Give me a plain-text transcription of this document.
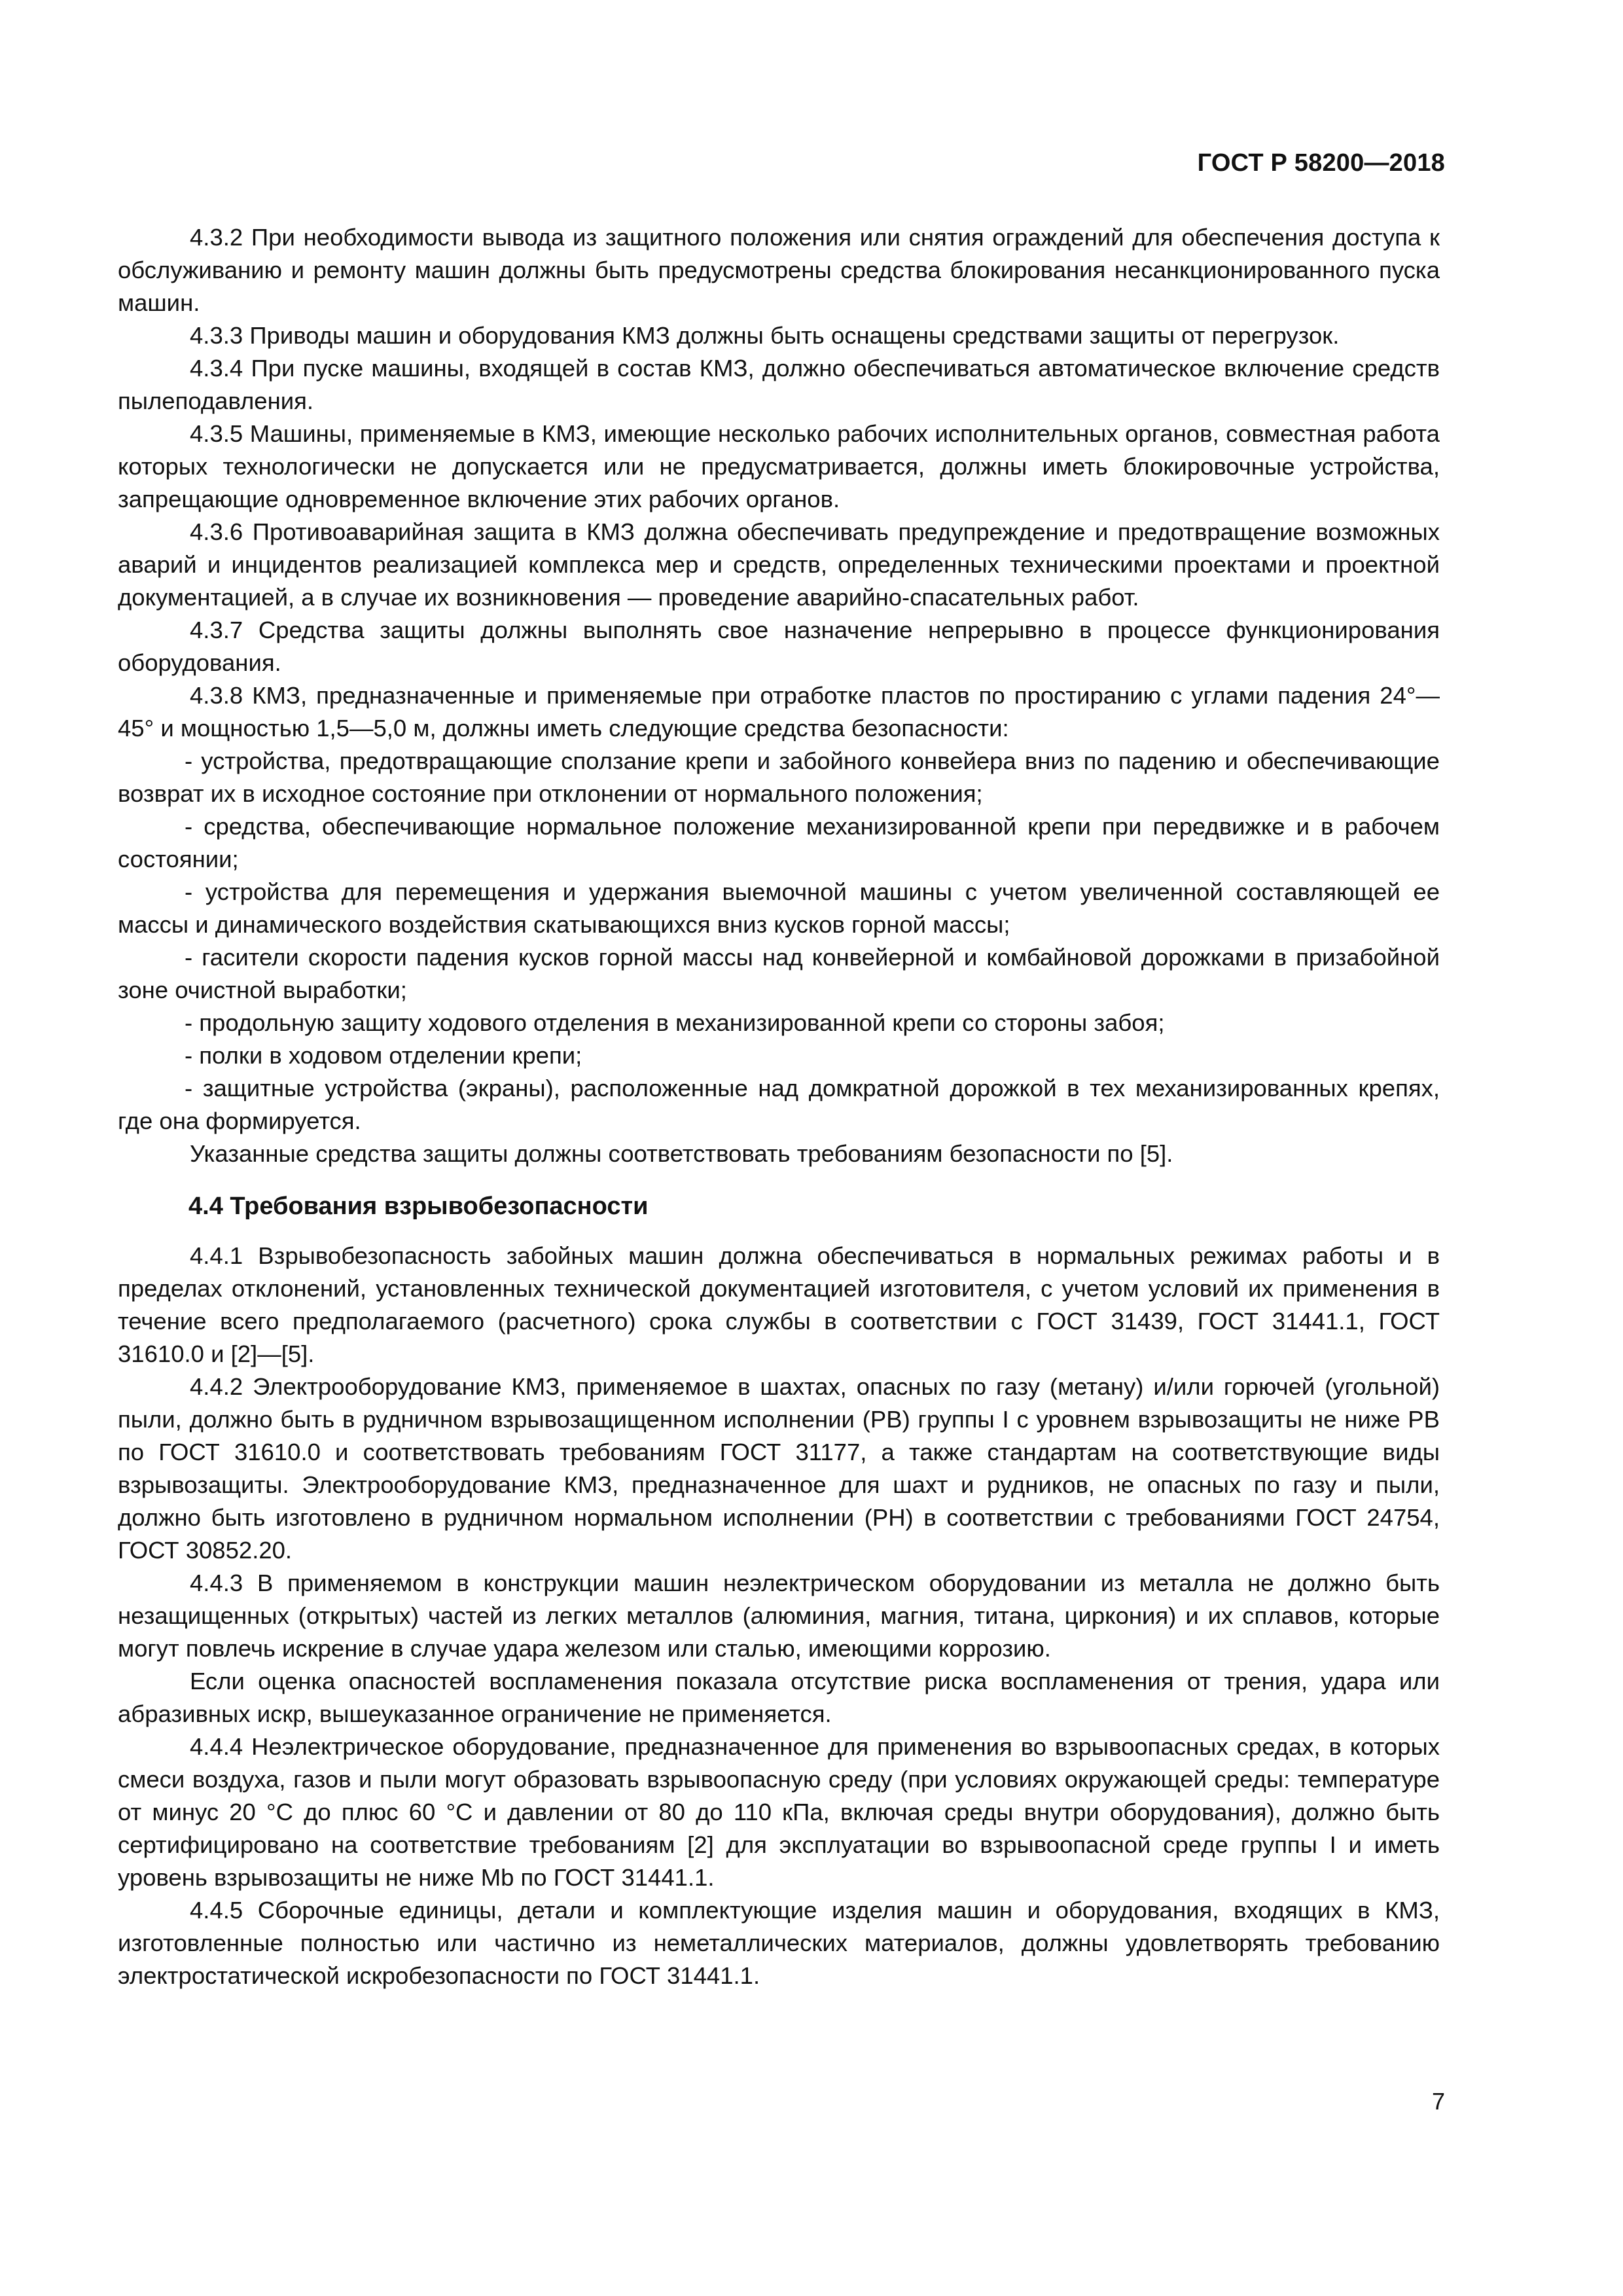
ГОСТ Р 58200—2018

4.3.2 При необходимости вывода из защитного положения или снятия ограждений для обеспечения доступа к обслуживанию и ремонту машин должны быть предусмотрены средства блокирования несанкционированного пуска машин.

4.3.3 Приводы машин и оборудования КМЗ должны быть оснащены средствами защиты от перегрузок.

4.3.4 При пуске машины, входящей в состав КМЗ, должно обеспечиваться автоматическое включение средств пылеподавления.

4.3.5 Машины, применяемые в КМЗ, имеющие несколько рабочих исполнительных органов, совместная работа которых технологически не допускается или не предусматривается, должны иметь блокировочные устройства, запрещающие одновременное включение этих рабочих органов.

4.3.6 Противоаварийная защита в КМЗ должна обеспечивать предупреждение и предотвращение возможных аварий и инцидентов реализацией комплекса мер и средств, определенных техническими проектами и проектной документацией, а в случае их возникновения — проведение аварийно-спасательных работ.

4.3.7 Средства защиты должны выполнять свое назначение непрерывно в процессе функционирования оборудования.

4.3.8 КМЗ, предназначенные и применяемые при отработке пластов по простиранию с углами падения 24°—45° и мощностью 1,5—5,0 м, должны иметь следующие средства безопасности:

- устройства, предотвращающие сползание крепи и забойного конвейера вниз по падению и обеспечивающие возврат их в исходное состояние при отклонении от нормального положения;

- средства, обеспечивающие нормальное положение механизированной крепи при передвижке и в рабочем состоянии;

- устройства для перемещения и удержания выемочной машины с учетом увеличенной составляющей ее массы и динамического воздействия скатывающихся вниз кусков горной массы;

- гасители скорости падения кусков горной массы над конвейерной и комбайновой дорожками в призабойной зоне очистной выработки;

- продольную защиту ходового отделения в механизированной крепи со стороны забоя;

- полки в ходовом отделении крепи;

- защитные устройства (экраны), расположенные над домкратной дорожкой в тех механизированных крепях, где она формируется.

Указанные средства защиты должны соответствовать требованиям безопасности по [5].

4.4 Требования взрывобезопасности

4.4.1 Взрывобезопасность забойных машин должна обеспечиваться в нормальных режимах работы и в пределах отклонений, установленных технической документацией изготовителя, с учетом условий их применения в течение всего предполагаемого (расчетного) срока службы в соответствии с ГОСТ 31439, ГОСТ 31441.1, ГОСТ 31610.0 и [2]—[5].

4.4.2 Электрооборудование КМЗ, применяемое в шахтах, опасных по газу (метану) и/или горючей (угольной) пыли, должно быть в рудничном взрывозащищенном исполнении (РВ) группы I с уровнем взрывозащиты не ниже РВ по ГОСТ 31610.0 и соответствовать требованиям ГОСТ 31177, а также стандартам на соответствующие виды взрывозащиты. Электрооборудование КМЗ, предназначенное для шахт и рудников, не опасных по газу и пыли, должно быть изготовлено в рудничном нормальном исполнении (РН) в соответствии с требованиями ГОСТ 24754, ГОСТ 30852.20.

4.4.3 В применяемом в конструкции машин неэлектрическом оборудовании из металла не должно быть незащищенных (открытых) частей из легких металлов (алюминия, магния, титана, циркония) и их сплавов, которые могут повлечь искрение в случае удара железом или сталью, имеющими коррозию.

Если оценка опасностей воспламенения показала отсутствие риска воспламенения от трения, удара или абразивных искр, вышеуказанное ограничение не применяется.

4.4.4 Неэлектрическое оборудование, предназначенное для применения во взрывоопасных средах, в которых смеси воздуха, газов и пыли могут образовать взрывоопасную среду (при условиях окружающей среды: температуре от минус 20 °С до плюс 60 °С и давлении от 80 до 110 кПа, включая среды внутри оборудования), должно быть сертифицировано на соответствие требованиям [2] для эксплуатации во взрывоопасной среде группы I и иметь уровень взрывозащиты не ниже Mb по ГОСТ 31441.1.

4.4.5 Сборочные единицы, детали и комплектующие изделия машин и оборудования, входящих в КМЗ, изготовленные полностью или частично из неметаллических материалов, должны удовлетворять требованию электростатической искробезопасности по ГОСТ 31441.1.

7
